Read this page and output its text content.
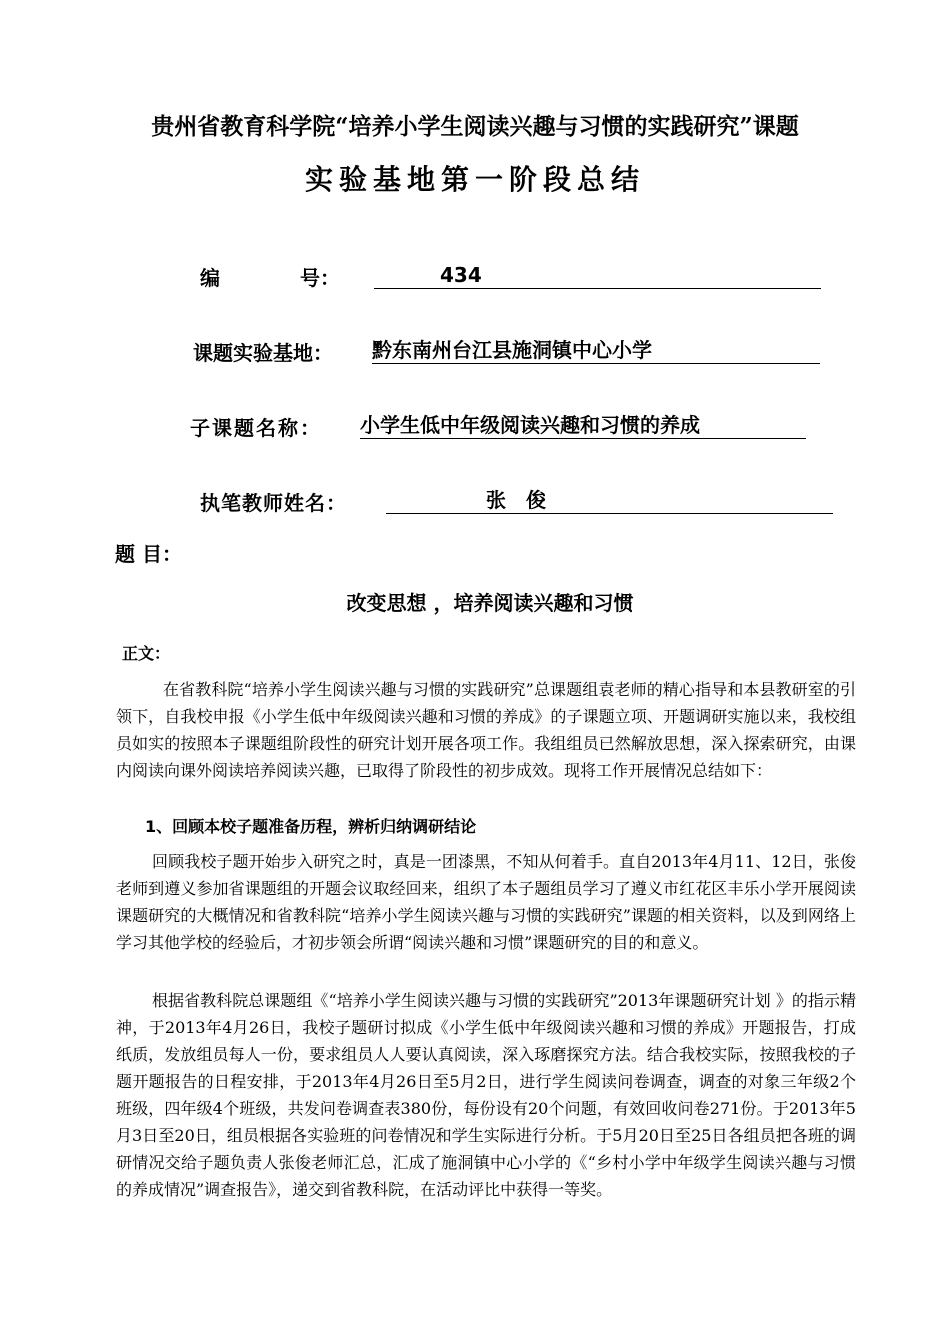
贵州省教育科学院“培养小学生阅读兴趣与习惯的实践研究”课题
实验基地第一阶段总结
编　　　　号：	434
课题实验基地： 黔东南州台江县施洞镇中心小学
子课题名称： 小学生低中年级阅读兴趣和习惯的养成
执笔教师姓名：	张　俊
题 目：
改变思想 ，培养阅读兴趣和习惯
正文：
在省教科院“培养小学生阅读兴趣与习惯的实践研究”总课题组袁老师的精心指导和本县教研室的引领下，自我校申报《小学生低中年级阅读兴趣和习惯的养成》的子课题立项、开题调研实施以来，我校组员如实的按照本子课题组阶段性的研究计划开展各项工作。我组组员已然解放思想，深入探索研究，由课内阅读向课外阅读培养阅读兴趣，已取得了阶段性的初步成效。现将工作开展情况总结如下：
1、回顾本校子题准备历程，辨析归纳调研结论
回顾我校子题开始步入研究之时，真是一团漆黑，不知从何着手。直自2013年4月11、12日，张俊老师到遵义参加省课题组的开题会议取经回来，组织了本子题组员学习了遵义市红花区丰乐小学开展阅读课题研究的大概情况和省教科院“培养小学生阅读兴趣与习惯的实践研究”课题的相关资料，以及到网络上学习其他学校的经验后，才初步领会所谓“阅读兴趣和习惯”课题研究的目的和意义。
根据省教科院总课题组《“培养小学生阅读兴趣与习惯的实践研究”2013年课题研究计划 》的指示精神，于2013年4月26日，我校子题研讨拟成《小学生低中年级阅读兴趣和习惯的养成》开题报告，打成纸质，发放组员每人一份，要求组员人人要认真阅读，深入琢磨探究方法。结合我校实际，按照我校的子题开题报告的日程安排，于2013年4月26日至5月2日，进行学生阅读问卷调查，调查的对象三年级2个班级，四年级4个班级，共发问卷调查表380份，每份设有20个问题，有效回收问卷271份。于2013年5月3日至20日，组员根据各实验班的问卷情况和学生实际进行分析。于5月20日至25日各组员把各班的调研情况交给子题负责人张俊老师汇总，汇成了施洞镇中心小学的《“乡村小学中年级学生阅读兴趣与习惯的养成情况”调查报告》，递交到省教科院，在活动评比中获得一等奖。
